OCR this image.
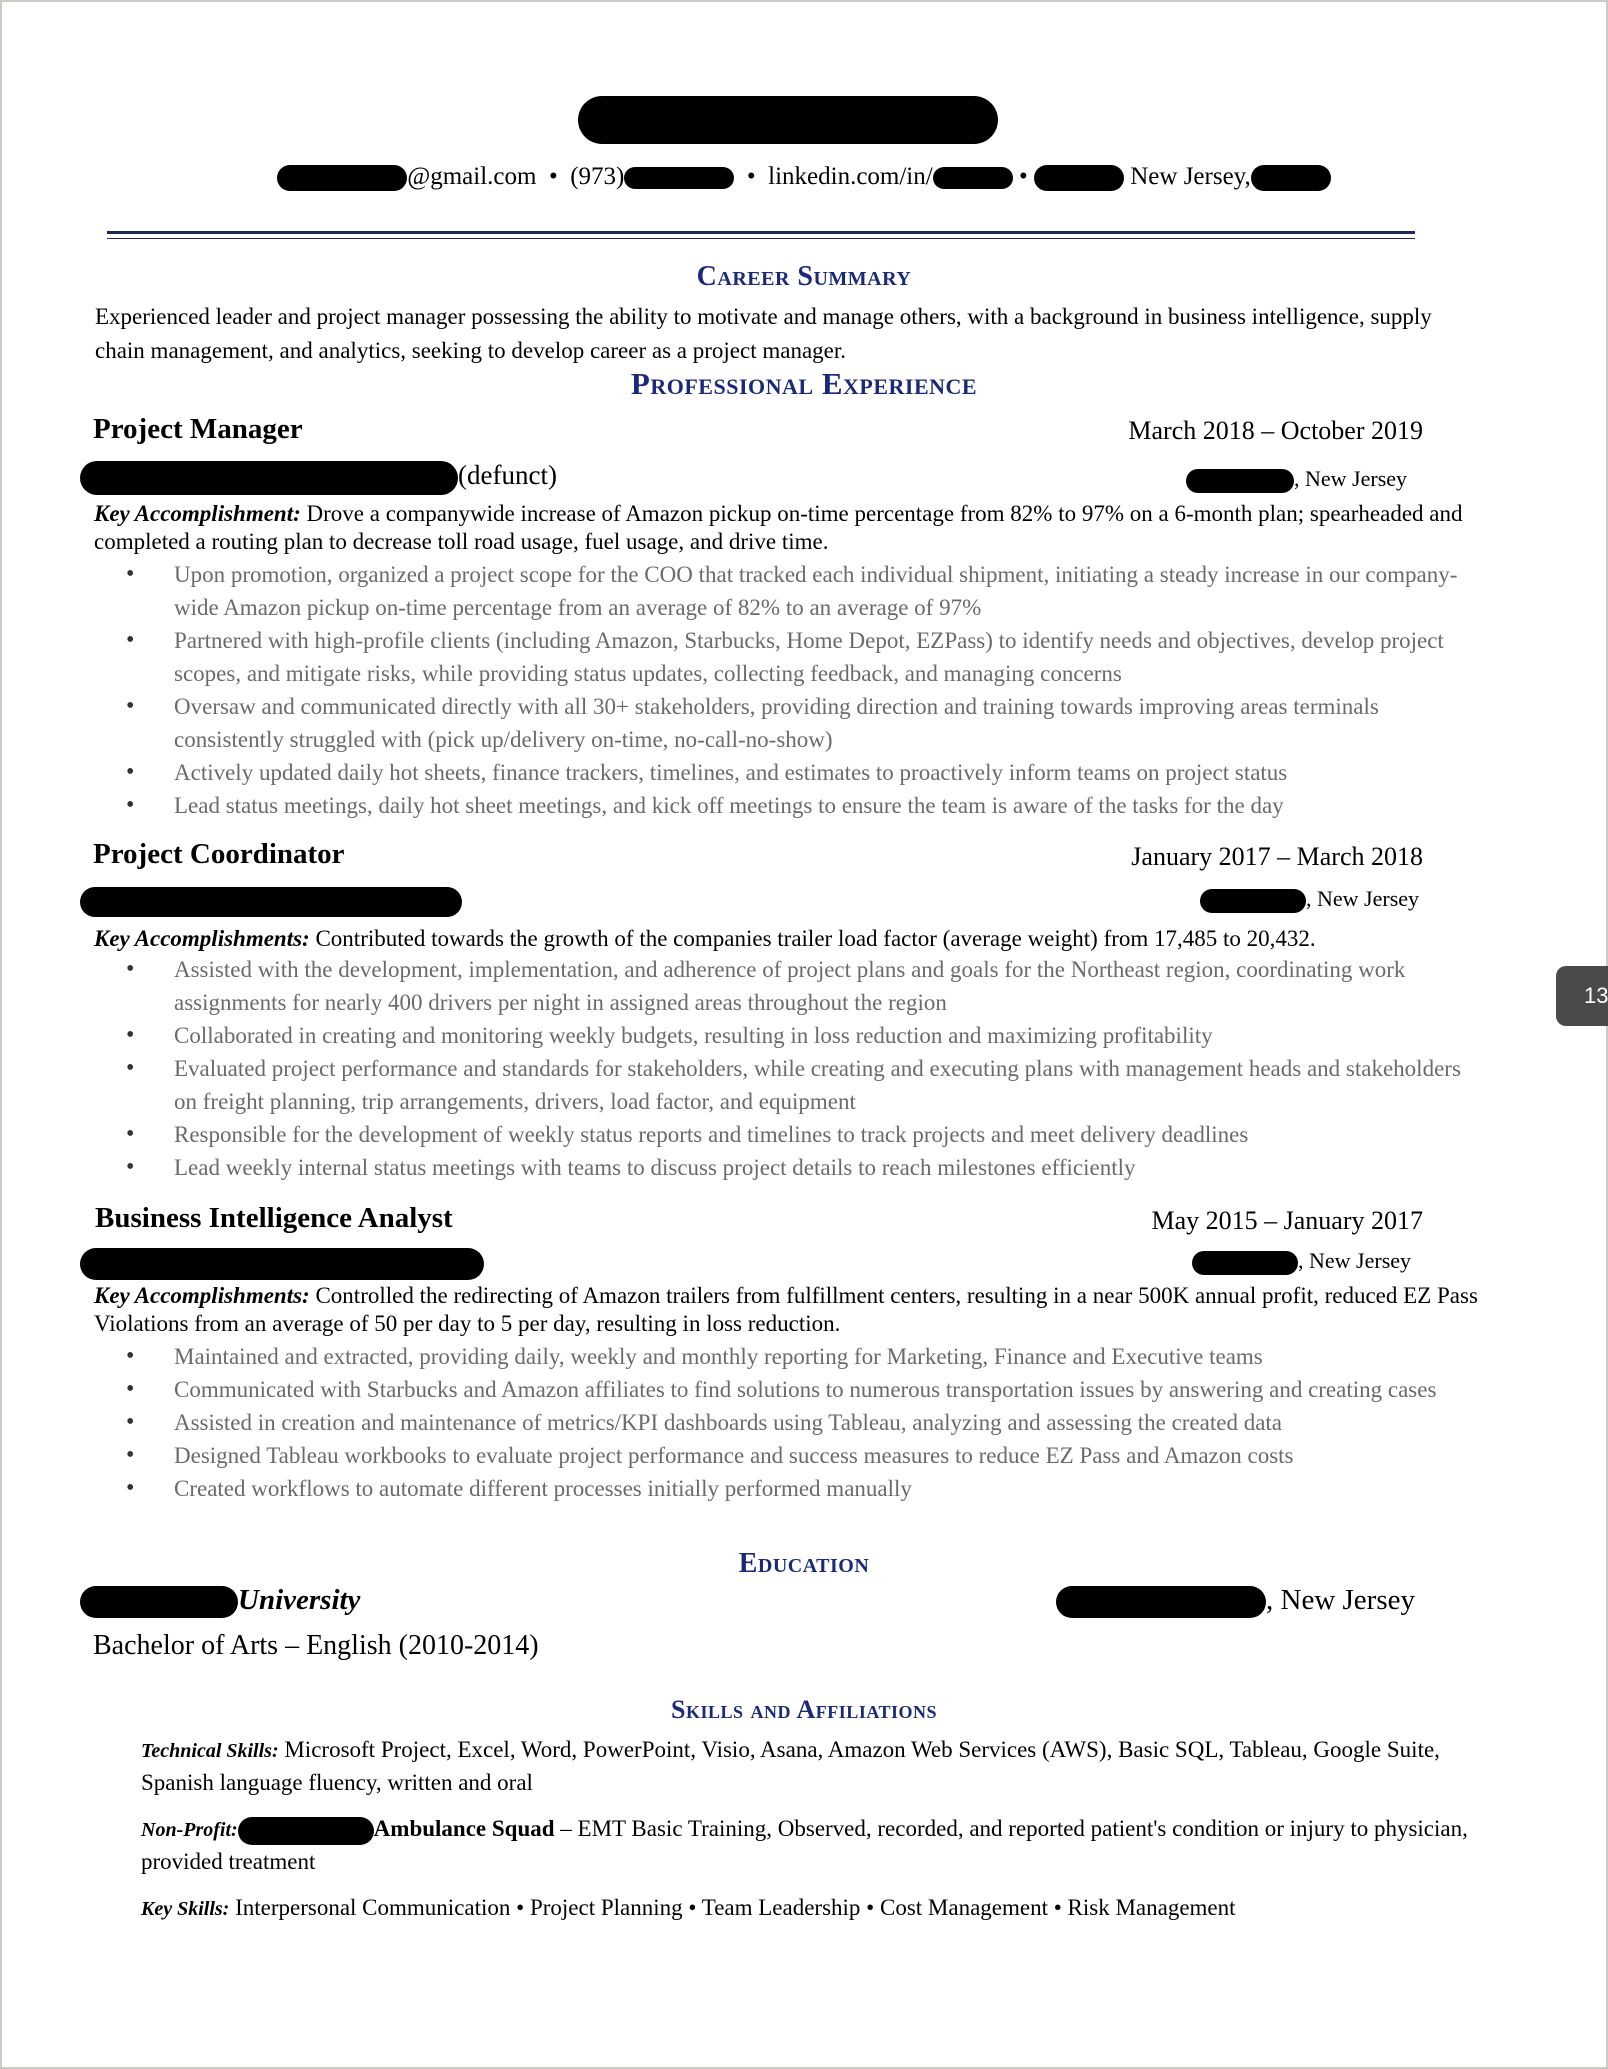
@gmail.com • (973)	• linkedin.com/in/	•	New Jersey,
Career Summary
Experienced leader and project manager possessing the ability to motivate and manage others, with a background in business intelligence, supply chain management, and analytics, seeking to develop career as a project manager.
Professional Experience
Project Manager	March 2018 – October 2019
(defunct)	, New Jersey
Key Accomplishment: Drove a companywide increase of Amazon pickup on-time percentage from 82% to 97% on a 6-month plan; spearheaded and completed a routing plan to decrease toll road usage, fuel usage, and drive time.
• Upon promotion, organized a project scope for the COO that tracked each individual shipment, initiating a steady increase in our company-wide Amazon pickup on-time percentage from an average of 82% to an average of 97%
• Partnered with high-profile clients (including Amazon, Starbucks, Home Depot, EZPass) to identify needs and objectives, develop project scopes, and mitigate risks, while providing status updates, collecting feedback, and managing concerns
• Oversaw and communicated directly with all 30+ stakeholders, providing direction and training towards improving areas terminals consistently struggled with (pick up/delivery on-time, no-call-no-show)
• Actively updated daily hot sheets, finance trackers, timelines, and estimates to proactively inform teams on project status
• Lead status meetings, daily hot sheet meetings, and kick off meetings to ensure the team is aware of the tasks for the day
Project Coordinator	January 2017 – March 2018
, New Jersey
Key Accomplishments: Contributed towards the growth of the companies trailer load factor (average weight) from 17,485 to 20,432.
• Assisted with the development, implementation, and adherence of project plans and goals for the Northeast region, coordinating work assignments for nearly 400 drivers per night in assigned areas throughout the region
• Collaborated in creating and monitoring weekly budgets, resulting in loss reduction and maximizing profitability
• Evaluated project performance and standards for stakeholders, while creating and executing plans with management heads and stakeholders on freight planning, trip arrangements, drivers, load factor, and equipment
• Responsible for the development of weekly status reports and timelines to track projects and meet delivery deadlines
• Lead weekly internal status meetings with teams to discuss project details to reach milestones efficiently
Business Intelligence Analyst	May 2015 – January 2017
, New Jersey
Key Accomplishments: Controlled the redirecting of Amazon trailers from fulfillment centers, resulting in a near 500K annual profit, reduced EZ Pass Violations from an average of 50 per day to 5 per day, resulting in loss reduction.
• Maintained and extracted, providing daily, weekly and monthly reporting for Marketing, Finance and Executive teams
• Communicated with Starbucks and Amazon affiliates to find solutions to numerous transportation issues by answering and creating cases
• Assisted in creation and maintenance of metrics/KPI dashboards using Tableau, analyzing and assessing the created data
• Designed Tableau workbooks to evaluate project performance and success measures to reduce EZ Pass and Amazon costs
• Created workflows to automate different processes initially performed manually
Education
University	, New Jersey
Bachelor of Arts – English (2010-2014)
Skills and Affiliations
Technical Skills: Microsoft Project, Excel, Word, PowerPoint, Visio, Asana, Amazon Web Services (AWS), Basic SQL, Tableau, Google Suite, Spanish language fluency, written and oral
Non-Profit:	Ambulance Squad – EMT Basic Training, Observed, recorded, and reported patient's condition or injury to physician, provided treatment
Key Skills: Interpersonal Communication • Project Planning • Team Leadership • Cost Management • Risk Management
13
